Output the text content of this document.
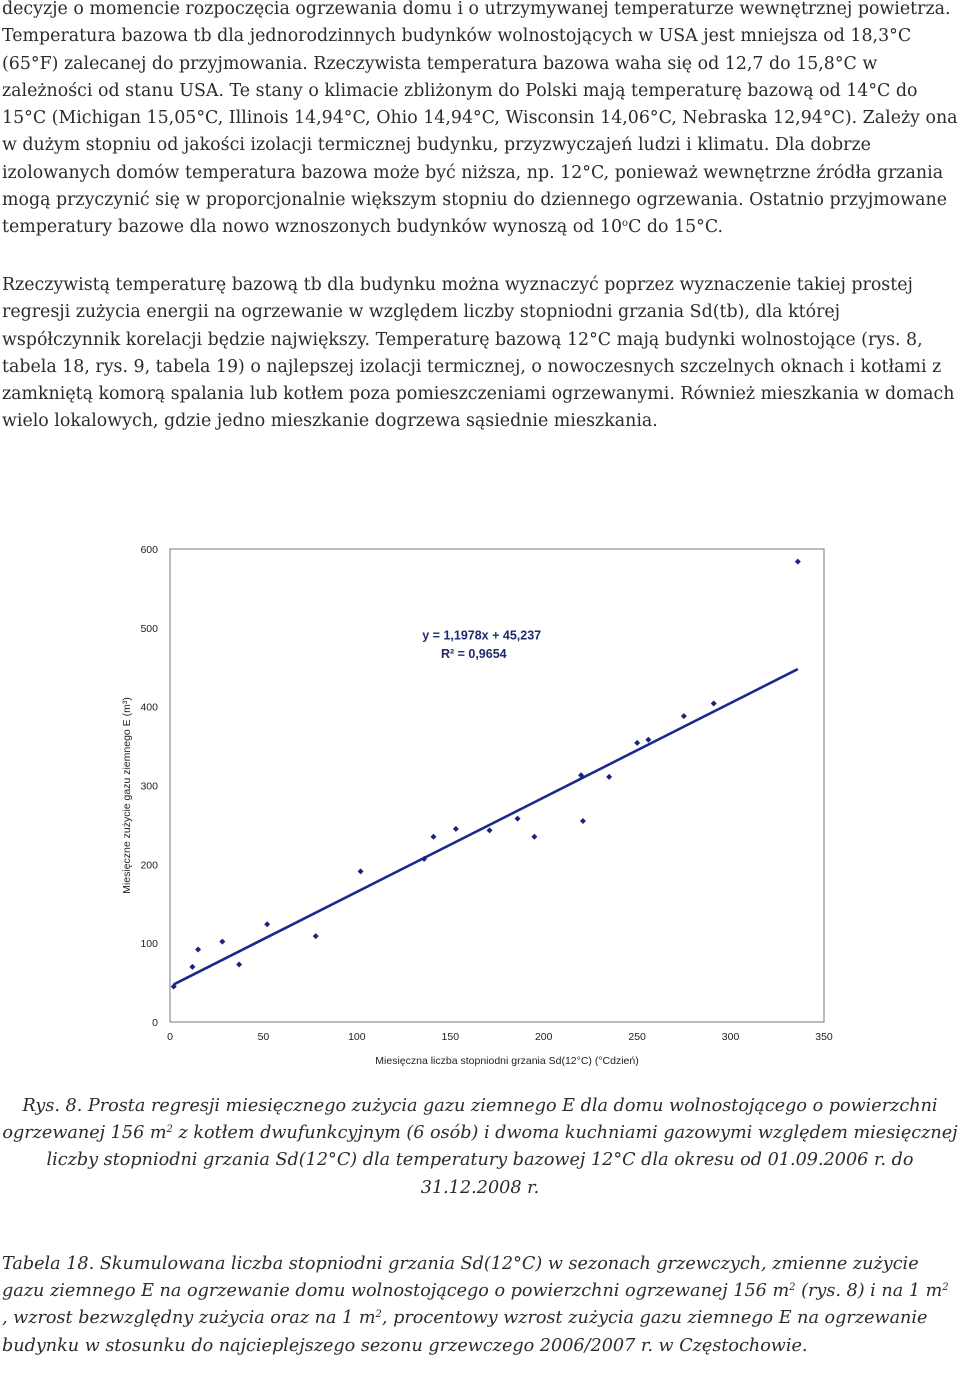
decyzje o momencie rozpoczęcia ogrzewania domu i o utrzymywanej temperaturze wewnętrznej powietrza. Temperatura bazowa tb dla jednorodzinnych budynków wolnostojących w USA jest mniejsza od 18,3°C (65°F) zalecanej do przyjmowania. Rzeczywista temperatura bazowa waha się od 12,7 do 15,8°C w zależności od stanu USA. Te stany o klimacie zbliżonym do Polski mają temperaturę bazową od 14°C do 15°C (Michigan 15,05°C, Illinois 14,94°C, Ohio 14,94°C, Wisconsin 14,06°C, Nebraska 12,94°C). Zależy ona w dużym stopniu od jakości izolacji termicznej budynku, przyzwyczajeń ludzi i klimatu. Dla dobrze izolowanych domów temperatura bazowa może być niższa, np. 12°C, ponieważ wewnętrzne źródła grzania mogą przyczynić się w proporcjonalnie większym stopniu do dziennego ogrzewania. Ostatnio przyjmowane temperatury bazowe dla nowo wznoszonych budynków wynoszą od 10$^o$C do 15°C.

Rzeczywistą temperaturę bazową tb dla budynku można wyznaczyć poprzez wyznaczenie takiej prostej regresji zużycia energii na ogrzewanie w względem liczby stopniodni grzania Sd(tb), dla której współczynnik korelacji będzie największy. Temperaturę bazową 12°C mają budynki wolnostojące (rys. 8, tabela 18, rys. 9, tabela 19) o najlepszej izolacji termicznej, o nowoczesnych szczelnych oknach i kotłami z zamkniętą komorą spalania lub kotłem poza pomieszczeniami ogrzewanymi. Również mieszkania w domach wielo lokalowych, gdzie jedno mieszkanie dogrzewa sąsiednie mieszkania.

0
100
200
300
400
500
600
0	50	100	150	200	250	300	350
y = 1,1978x + 45,237
R² = 0,9654
Miesięczna liczba stopniodni grzania Sd(12°C) (°Cdzień)
Miesięczne zużycie gazu ziemnego E (m³)

Rys. 8. Prosta regresji miesięcznego zużycia gazu ziemnego E dla domu wolnostojącego o powierzchni ogrzewanej 156 $m^2$ z kotłem dwufunkcyjnym (6 osób) i dwoma kuchniami gazowymi względem miesięcznej liczby stopniodni grzania Sd(12°C) dla temperatury bazowej 12°C dla okresu od 01.09.2006 r. do 31.12.2008 r.

Tabela 18. Skumulowana liczba stopniodni grzania Sd(12°C) w sezonach grzewczych, zmienne zużycie gazu ziemnego E na ogrzewanie domu wolnostojącego o powierzchni ogrzewanej 156 $m^2$ (rys. 8) i na 1 $m^2$ , wzrost bezwzględny zużycia oraz na 1 $m^2$, procentowy wzrost zużycia gazu ziemnego E na ogrzewanie budynku w stosunku do najcieplejszego sezonu grzewczego 2006/2007 r. w Częstochowie.
